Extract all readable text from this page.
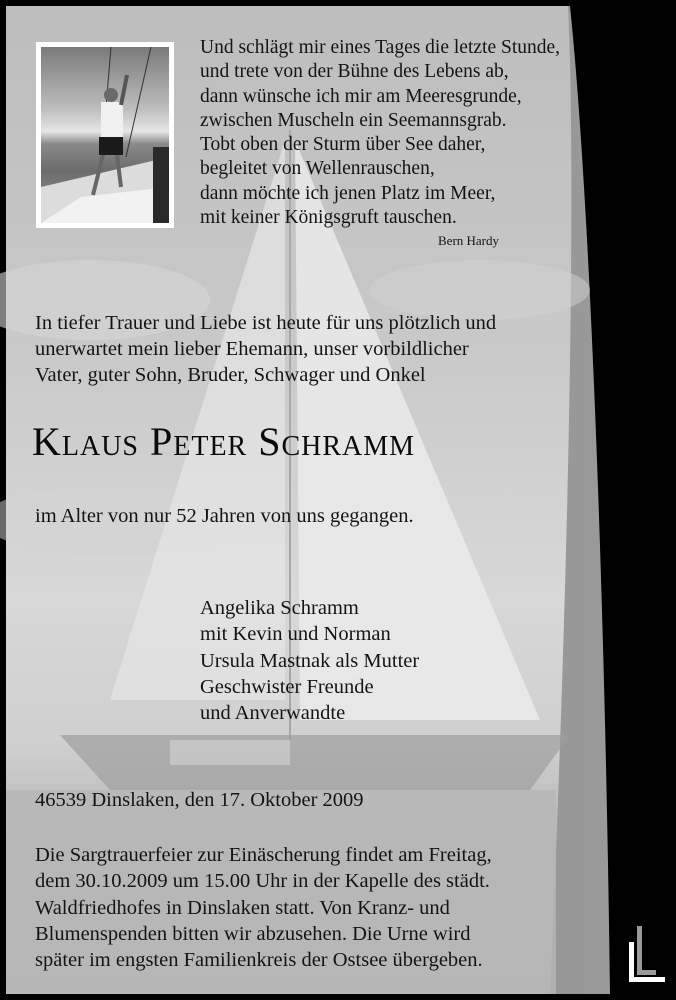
Und schlägt mir eines Tages die letzte Stunde,
und trete von der Bühne des Lebens ab,
dann wünsche ich mir am Meeresgrunde,
zwischen Muscheln ein Seemannsgrab.
Tobt oben der Sturm über See daher,
begleitet von Wellenrauschen,
dann möchte ich jenen Platz im Meer,
mit keiner Königsgruft tauschen.
Bern Hardy
In tiefer Trauer und Liebe ist heute für uns plötzlich und
unerwartet mein lieber Ehemann, unser vorbildlicher
Vater, guter Sohn, Bruder, Schwager und Onkel
Klaus Peter Schramm
im Alter von nur 52 Jahren von uns gegangen.
Angelika Schramm
mit Kevin und Norman
Ursula Mastnak als Mutter
Geschwister Freunde
und Anverwandte
46539 Dinslaken, den 17. Oktober 2009
Die Sargtrauerfeier zur Einäscherung findet am Freitag,
dem 30.10.2009 um 15.00 Uhr in der Kapelle des städt.
Waldfriedhofes in Dinslaken statt. Von Kranz- und
Blumenspenden bitten wir abzusehen. Die Urne wird
später im engsten Familienkreis der Ostsee übergeben.
